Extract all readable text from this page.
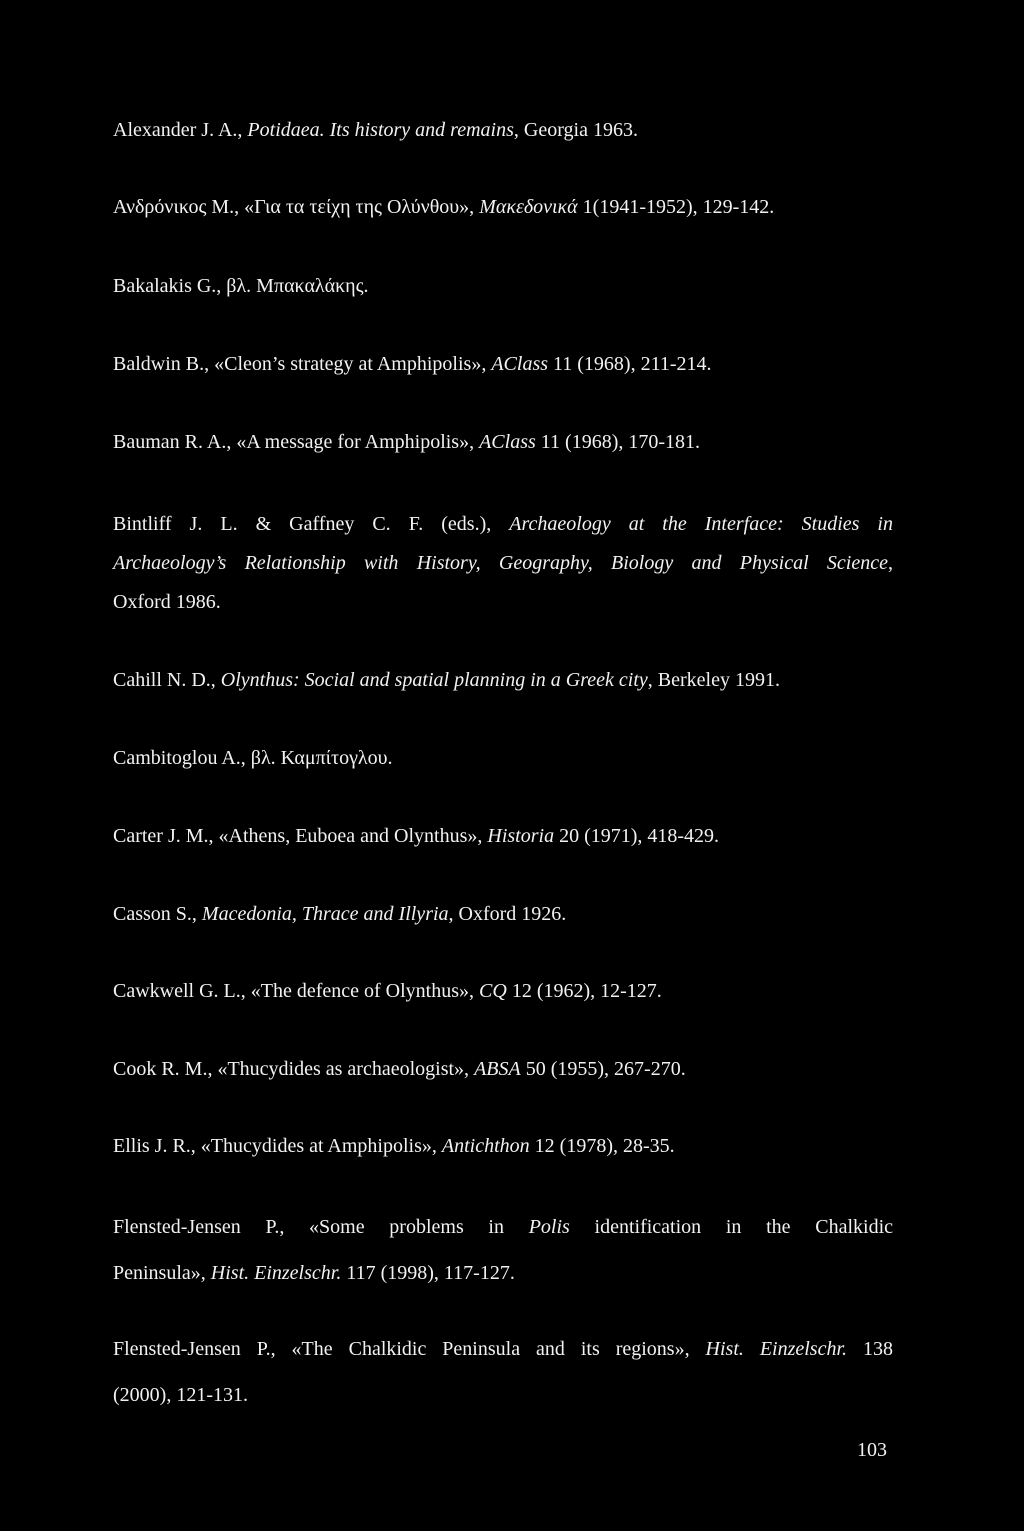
Alexander J. A., Potidaea. Its history and remains, Georgia 1963.

Ανδρόνικος Μ., «Για τα τείχη της Ολύνθου», Μακεδονικά 1(1941-1952), 129-142.

Bakalakis G., βλ. Μπακαλάκης.

Baldwin B., «Cleon’s strategy at Amphipolis», AClass 11 (1968), 211-214.

Bauman R. A., «A message for Amphipolis», AClass 11 (1968), 170-181.

Bintliff J. L. & Gaffney C. F. (eds.), Archaeology at the Interface: Studies in
Archaeology’s Relationship with History, Geography, Biology and Physical Science,
Oxford 1986.

Cahill N. D., Olynthus: Social and spatial planning in a Greek city, Berkeley 1991.

Cambitoglou A., βλ. Καμπίτογλου.

Carter J. M., «Athens, Euboea and Olynthus», Historia 20 (1971), 418-429.

Casson S., Macedonia, Thrace and Illyria, Oxford 1926.

Cawkwell G. L., «The defence of Olynthus», CQ 12 (1962), 12-127.

Cook R. M., «Thucydides as archaeologist», ABSA 50 (1955), 267-270.

Ellis J. R., «Thucydides at Amphipolis», Antichthon 12 (1978), 28-35.

Flensted-Jensen P., «Some problems in Polis identification in the Chalkidic
Peninsula», Hist. Einzelschr. 117 (1998), 117-127.

Flensted-Jensen P., «The Chalkidic Peninsula and its regions», Hist. Einzelschr. 138
(2000), 121-131.

103
